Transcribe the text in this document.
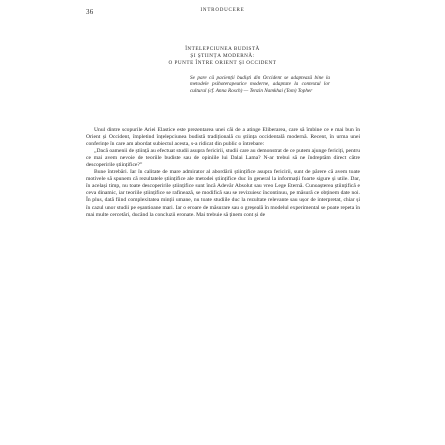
36	INTRODUCERE
ÎNTELEPCIUNEA BUDISTĂ
ȘI ȘTIINȚA MODERNĂ:
O PUNTE ÎNTRE ORIENT ȘI OCCIDENT
Se pare că pacienții budiști din Occident se adaptează bine la metodele psihoterapeutice moderne, adaptate la contextul lor cultural (cf. Anna Rosch) — Tenzin Namkhai (Tom) Topher

Unul dintre scopurile Ariei Elastice este prezentarea unei căi de a atinge Eliberarea, care să îmbine ce e mai bun în Orient și Occident, împletind înțelepciunea budistă tradițională cu știința occidentală modernă. Recent, în urma unei conferințe în care am abordat subiectul acesta, s-a ridicat din public o întrebare:

„Dacă oamenii de știință au efectuat studii asupra fericirii, studii care au demonstrat de ce putem ajunge fericiți, pentru ce mai avem nevoie de teoriile budiste sau de opiniile lui Dalai Lama? N-ar trebui să ne îndreptăm direct către descoperirile științifice?”

Bune întrebări. Iar în calitate de mare admirator al abordării științifice asupra fericirii, sunt de părere că avem toate motivele să spunem că rezultatele științifice ale metodei științifice duc în general la informații foarte sigure și utile. Dar, în același timp, nu toate descoperirile științifice sunt încă Adevăr Absolut sau vreo Lege Eternă. Cunoașterea științifică e ceva dinamic, iar teoriile științifice se rafinează, se modifică sau se revizuiesc încontinuu, pe măsură ce obținem date noi. În plus, dată fiind complexitatea minții umane, nu toate studiile duc la rezultate relevante sau ușor de interpretat, chiar și în cazul unor studii pe eșantioane mari. Iar o eroare de măsurare sau o greșeală în modelul experimental se poate repeta în mai multe cercetări, ducând la concluzii eronate. Mai trebuie să ținem cont și de
